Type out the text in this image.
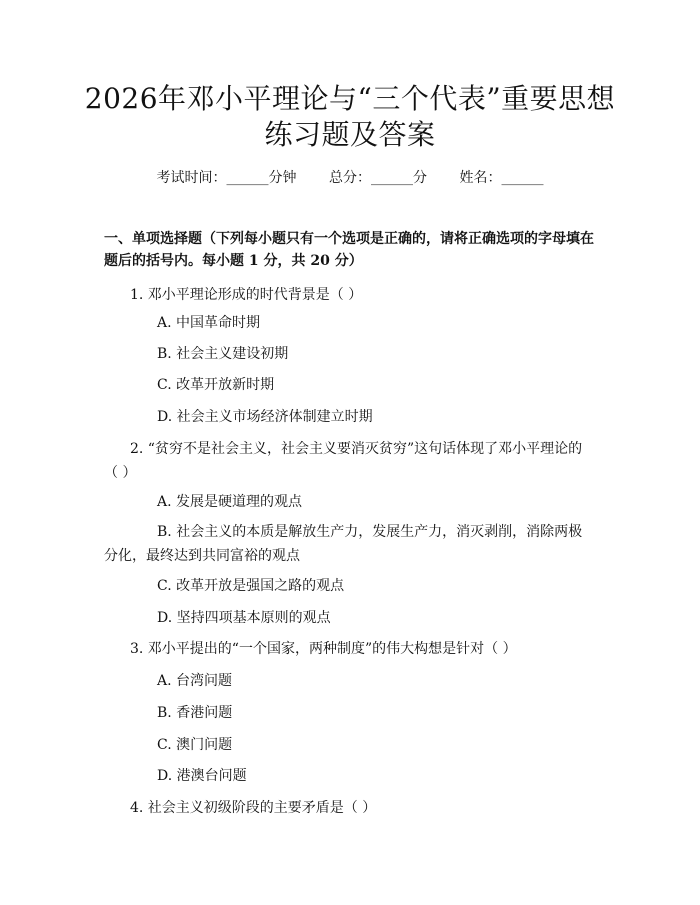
2026年邓小平理论与“三个代表”重要思想
练习题及答案
考试时间：______分钟 总分：______分 姓名：______

一、单项选择题（下列每小题只有一个选项是正确的，请将正确选项的字母填在题后的括号内。每小题 1 分，共 20 分）

1. 邓小平理论形成的时代背景是（ ）

A. 中国革命时期

B. 社会主义建设初期

C. 改革开放新时期

D. 社会主义市场经济体制建立时期

2. “贫穷不是社会主义，社会主义要消灭贫穷”这句话体现了邓小平理论的（ ）

A. 发展是硬道理的观点

B. 社会主义的本质是解放生产力，发展生产力，消灭剥削，消除两极分化，最终达到共同富裕的观点

C. 改革开放是强国之路的观点

D. 坚持四项基本原则的观点

3. 邓小平提出的“一个国家，两种制度”的伟大构想是针对（ ）

A. 台湾问题

B. 香港问题

C. 澳门问题

D. 港澳台问题

4. 社会主义初级阶段的主要矛盾是（ ）
